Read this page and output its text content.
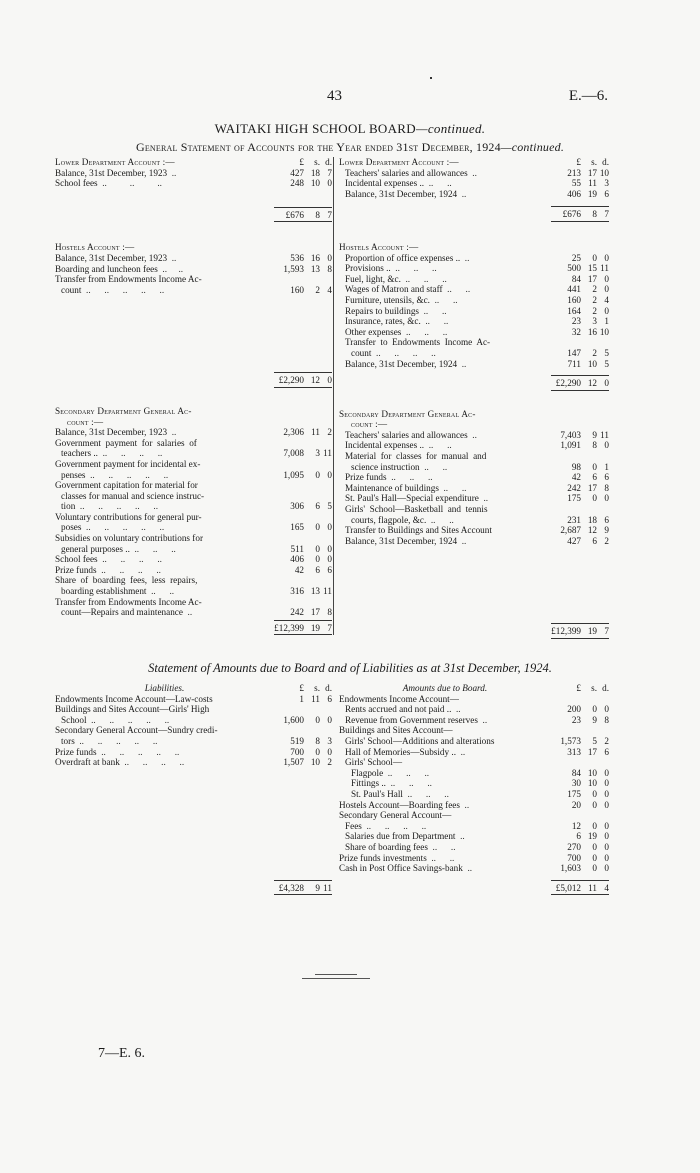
43	E.—6.
WAITAKI HIGH SCHOOL BOARD—continued.
General Statement of Accounts for the Year ended 31st December, 1924—continued.
Lower Department Account :—	£	s. d.
Balance, 31st December, 1923 ..	427 18 7
School fees ..          ..          ..	248 10 0
£676	8 7
Hostels Account :—
Balance, 31st December, 1923 ..	536 16 0
Boarding and luncheon fees ..     ..	1,593 13 8
Transfer from Endowments Income Ac-
count ..      ..      ..      ..      ..	160	2 4
£2,290 12 0
Secondary Department General Ac-
count :—
Balance, 31st December, 1923 ..	2,306 11 2
Government  payment  for  salaries  of
teachers .. ..      ..      ..      ..	7,008	3 11
Government payment for incidental ex-
penses ..      ..      ..      ..      ..	1,095	0 0
Government capitation for material for
classes for manual and science instruc-
tion ..      ..      ..      ..      ..	306	6 5
Voluntary contributions for general pur-
poses ..      ..      ..      ..      ..	165	0 0
Subsidies on voluntary contributions for
general purposes .. ..      ..      ..	511	0 0
School fees ..      ..      ..      ..	406	0 0
Prize funds ..      ..      ..      ..	42	6 6
Share  of  boarding  fees,  less  repairs,
boarding establishment ..      ..	316 13 11
Transfer from Endowments Income Ac-
count—Repairs and maintenance ..	242 17 8
£12,399 19 7
Lower Department Account :—	£	s. d.
Teachers' salaries and allowances ..	213 17 10
Incidental expenses .. ..      ..	55 11 3
Balance, 31st December, 1924 ..	406 19 6
£676	8 7
Hostels Account :—
Proportion of office expenses .. ..	25	0 0
Provisions .. ..      ..      ..	500 15 11
Fuel, light, &c. ..      ..      ..	84 17 0
Wages of Matron and staff ..      ..	441	2 0
Furniture, utensils, &c. ..      ..	160	2 4
Repairs to buildings ..      ..	164	2 0
Insurance, rates, &c. ..      ..	23	3 1
Other expenses ..      ..      ..	32 16 10
Transfer  to  Endowments  Income  Ac-
count ..      ..      ..      ..	147	2 5
Balance, 31st December, 1924 ..	711 10 5
£2,290 12 0
Secondary Department General Ac-
count :—
Teachers' salaries and allowances ..	7,403	9 11
Incidental expenses .. ..      ..	1,091	8 0
Material  for  classes  for  manual  and
science instruction ..      ..	98	0 1
Prize funds ..      ..      ..	42	6 6
Maintenance of buildings ..      ..	242 17 8
St. Paul's Hall—Special expenditure ..	175	0 0
Girls'  School—Basketball  and  tennis
courts, flagpole, &c. ..      ..	231 18 6
Transfer to Buildings and Sites Account	2,687 12 9
Balance, 31st December, 1924 ..	427	6 2
£12,399 19 7
Statement of Amounts due to Board and of Liabilities as at 31st December, 1924.
Liabilities.	£	s. d.
Endowments Income Account—Law-costs	1 11 6
Buildings and Sites Account—Girls' High
School ..      ..      ..      ..      ..	1,600	0 0
Secondary General Account—Sundry credi-
tors ..      ..      ..      ..      ..	519	8 3
Prize funds ..      ..      ..      ..      ..	700	0 0
Overdraft at bank ..      ..      ..      ..	1,507 10 2
£4,328	9 11
Amounts due to Board.	£	s. d.
Endowments Income Account—
Rents accrued and not paid .. ..	200	0 0
Revenue from Government reserves ..	23	9 8
Buildings and Sites Account—
Girls' School—Additions and alterations	1,573	5 2
Hall of Memories—Subsidy .. ..	313 17 6
Girls' School—
Flagpole ..      ..      ..	84 10 0
Fittings .. ..      ..      ..	30 10 0
St. Paul's Hall ..      ..      ..	175	0 0
Hostels Account—Boarding fees ..	20	0 0
Secondary General Account—
Fees ..      ..      ..      ..	12	0 0
Salaries due from Department ..	6 19 0
Share of boarding fees ..      ..	270	0 0
Prize funds investments ..      ..	700	0 0
Cash in Post Office Savings-bank ..	1,603	0 0
£5,012 11 4
7—E. 6.
